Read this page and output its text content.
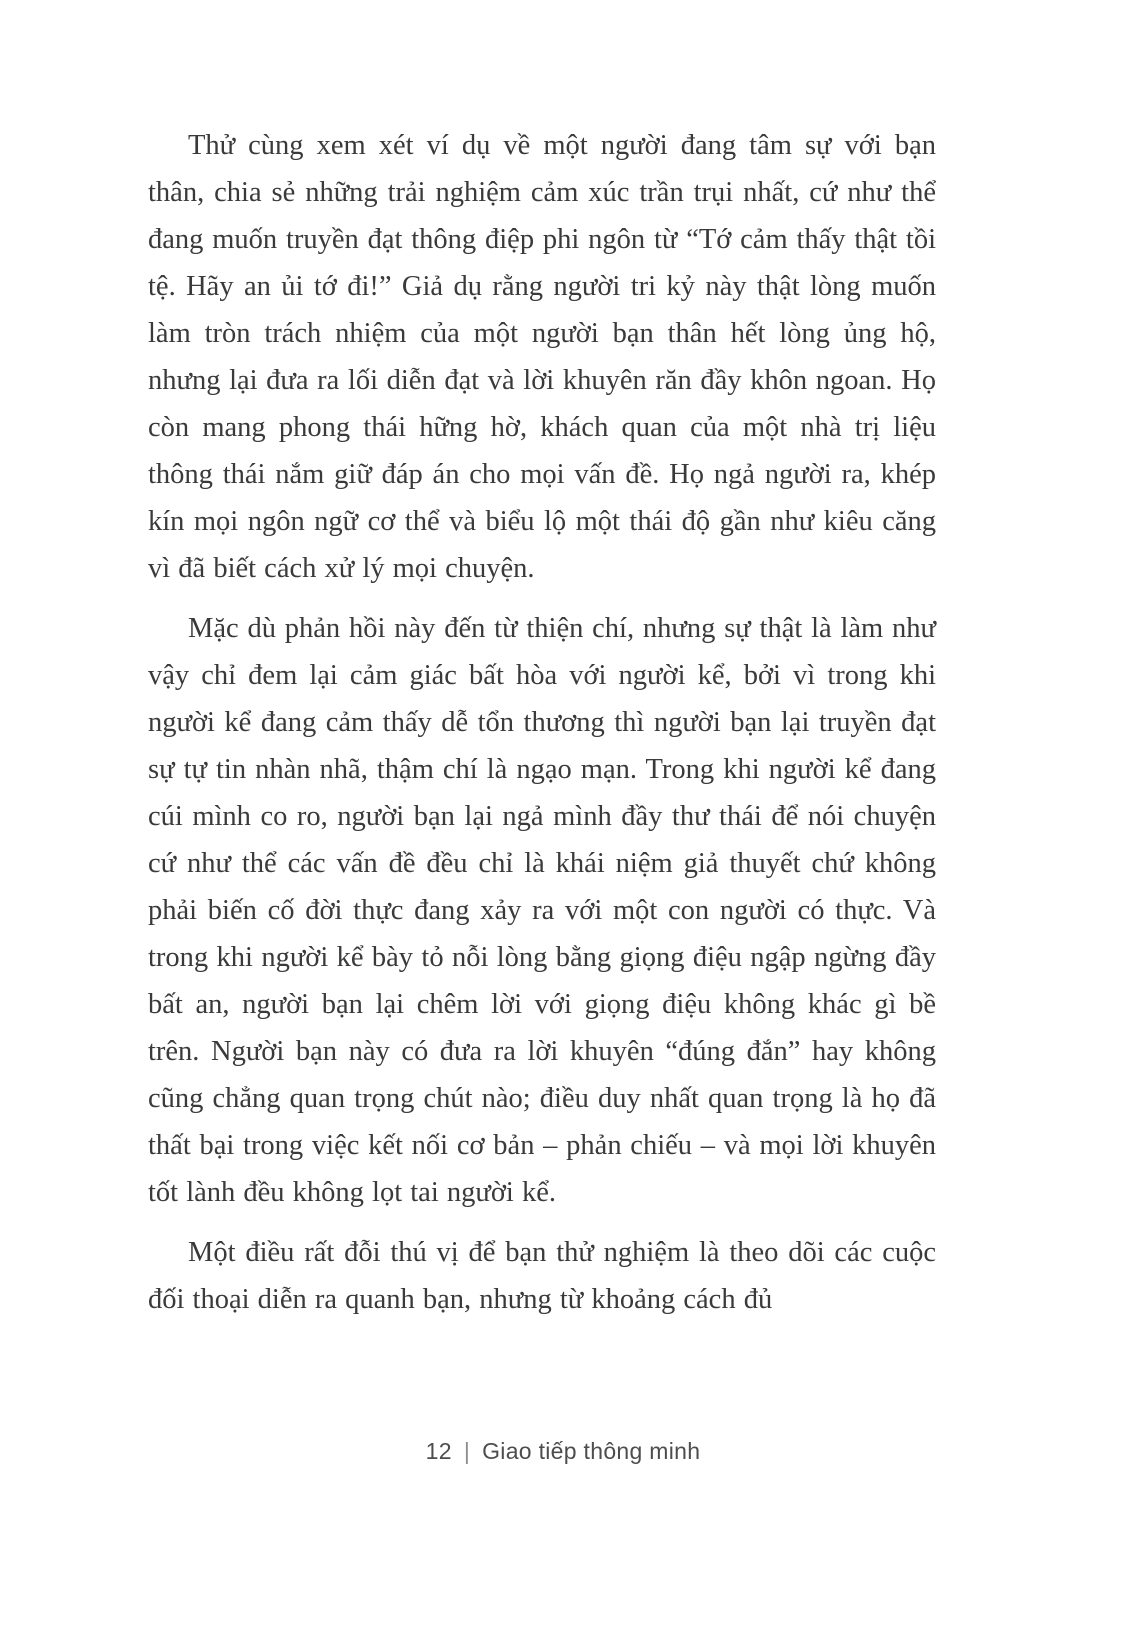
Thử cùng xem xét ví dụ về một người đang tâm sự với bạn thân, chia sẻ những trải nghiệm cảm xúc trần trụi nhất, cứ như thể đang muốn truyền đạt thông điệp phi ngôn từ “Tớ cảm thấy thật tồi tệ. Hãy an ủi tớ đi!” Giả dụ rằng người tri kỷ này thật lòng muốn làm tròn trách nhiệm của một người bạn thân hết lòng ủng hộ, nhưng lại đưa ra lối diễn đạt và lời khuyên răn đầy khôn ngoan. Họ còn mang phong thái hững hờ, khách quan của một nhà trị liệu thông thái nắm giữ đáp án cho mọi vấn đề. Họ ngả người ra, khép kín mọi ngôn ngữ cơ thể và biểu lộ một thái độ gần như kiêu căng vì đã biết cách xử lý mọi chuyện.

Mặc dù phản hồi này đến từ thiện chí, nhưng sự thật là làm như vậy chỉ đem lại cảm giác bất hòa với người kể, bởi vì trong khi người kể đang cảm thấy dễ tổn thương thì người bạn lại truyền đạt sự tự tin nhàn nhã, thậm chí là ngạo mạn. Trong khi người kể đang cúi mình co ro, người bạn lại ngả mình đầy thư thái để nói chuyện cứ như thể các vấn đề đều chỉ là khái niệm giả thuyết chứ không phải biến cố đời thực đang xảy ra với một con người có thực. Và trong khi người kể bày tỏ nỗi lòng bằng giọng điệu ngập ngừng đầy bất an, người bạn lại chêm lời với giọng điệu không khác gì bề trên. Người bạn này có đưa ra lời khuyên “đúng đắn” hay không cũng chẳng quan trọng chút nào; điều duy nhất quan trọng là họ đã thất bại trong việc kết nối cơ bản – phản chiếu – và mọi lời khuyên tốt lành đều không lọt tai người kể.

Một điều rất đỗi thú vị để bạn thử nghiệm là theo dõi các cuộc đối thoại diễn ra quanh bạn, nhưng từ khoảng cách đủ

12 | Giao tiếp thông minh
